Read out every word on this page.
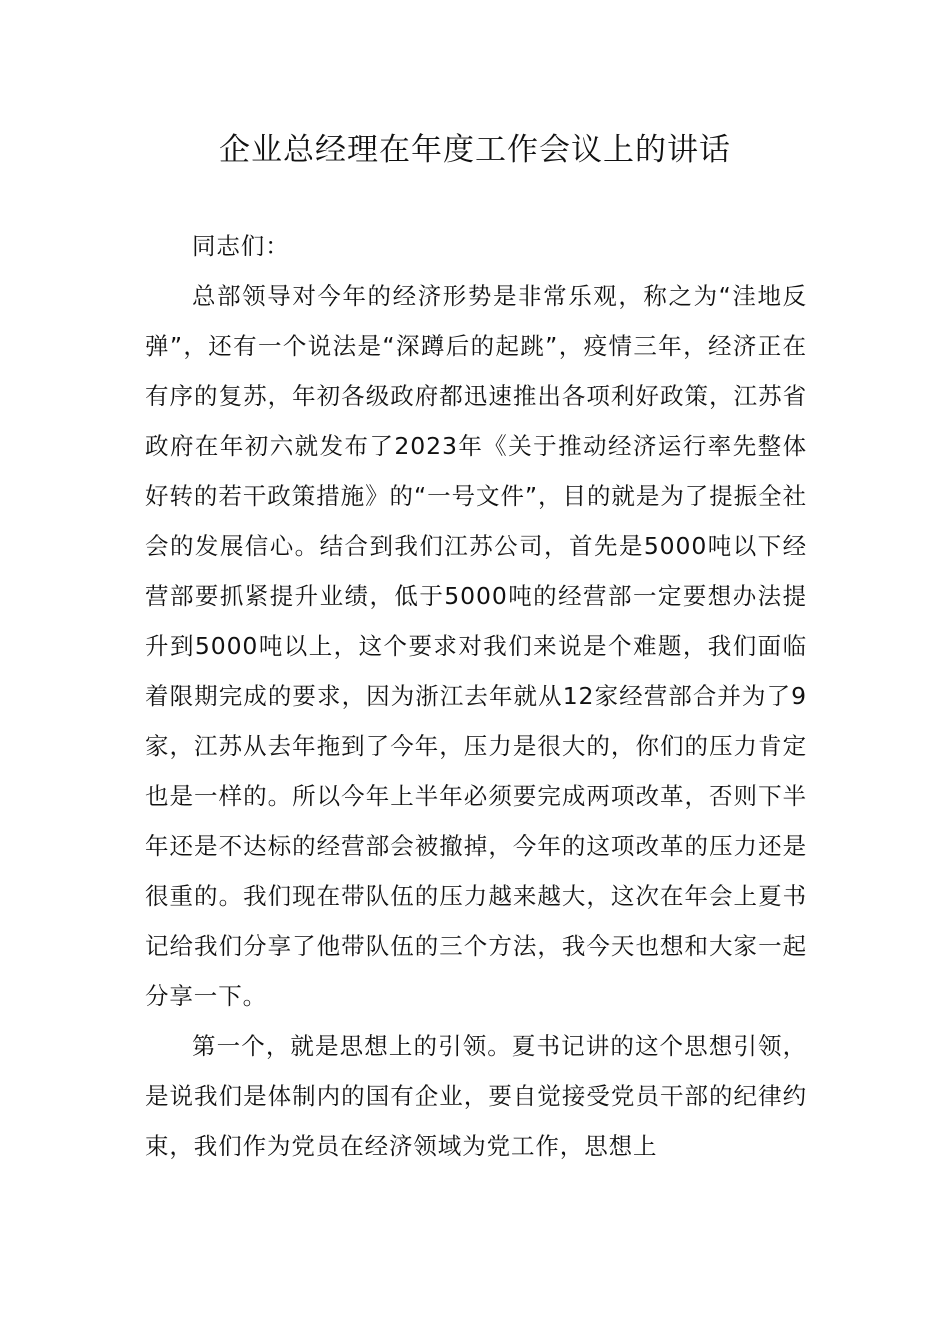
企业总经理在年度工作会议上的讲话

同志们：

总部领导对今年的经济形势是非常乐观，称之为“洼地反弹”，还有一个说法是“深蹲后的起跳”，疫情三年，经济正在有序的复苏，年初各级政府都迅速推出各项利好政策，江苏省政府在年初六就发布了2023年《关于推动经济运行率先整体好转的若干政策措施》的“一号文件”，目的就是为了提振全社会的发展信心。结合到我们江苏公司，首先是5000吨以下经营部要抓紧提升业绩，低于5000吨的经营部一定要想办法提升到5000吨以上，这个要求对我们来说是个难题，我们面临着限期完成的要求，因为浙江去年就从12家经营部合并为了9家，江苏从去年拖到了今年，压力是很大的，你们的压力肯定也是一样的。所以今年上半年必须要完成两项改革，否则下半年还是不达标的经营部会被撤掉，今年的这项改革的压力还是很重的。我们现在带队伍的压力越来越大，这次在年会上夏书记给我们分享了他带队伍的三个方法，我今天也想和大家一起分享一下。

第一个，就是思想上的引领。夏书记讲的这个思想引领，是说我们是体制内的国有企业，要自觉接受党员干部的纪律约束，我们作为党员在经济领域为党工作，思想上
